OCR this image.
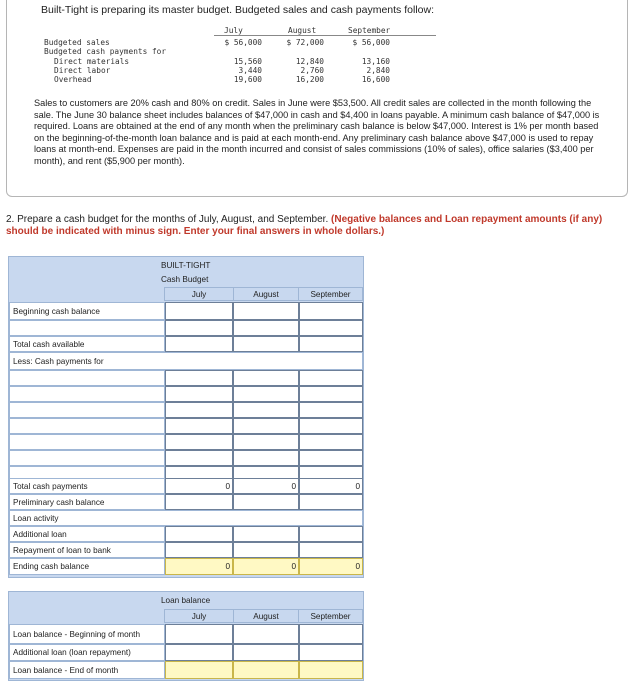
Built-Tight is preparing its master budget. Budgeted sales and cash payments follow:
July	August	September
Budgeted sales	$ 56,000	$ 72,000	$ 56,000
Budgeted cash payments for
Direct materials	15,560	12,840	13,160
Direct labor	3,440	2,760	2,840
Overhead	19,600	16,200	16,600
Sales to customers are 20% cash and 80% on credit. Sales in June were $53,500. All credit sales are collected in the month following the sale. The June 30 balance sheet includes balances of $47,000 in cash and $4,400 in loans payable. A minimum cash balance of $47,000 is required. Loans are obtained at the end of any month when the preliminary cash balance is below $47,000. Interest is 1% per month based on the beginning-of-the-month loan balance and is paid at each month-end. Any preliminary cash balance above $47,000 is used to repay loans at month-end. Expenses are paid in the month incurred and consist of sales commissions (10% of sales), office salaries ($3,400 per month), and rent ($5,900 per month).
2. Prepare a cash budget for the months of July, August, and September. (Negative balances and Loan repayment amounts (if any) should be indicated with minus sign. Enter your final answers in whole dollars.)
BUILT-TIGHT
Cash Budget
July	August	September
Beginning cash balance
Total cash available
Less: Cash payments for
Total cash payments	0	0	0
Preliminary cash balance
Loan activity
Additional loan
Repayment of loan to bank
Ending cash balance	0	0	0
Loan balance
July	August	September
Loan balance - Beginning of month
Additional loan (loan repayment)
Loan balance - End of month
